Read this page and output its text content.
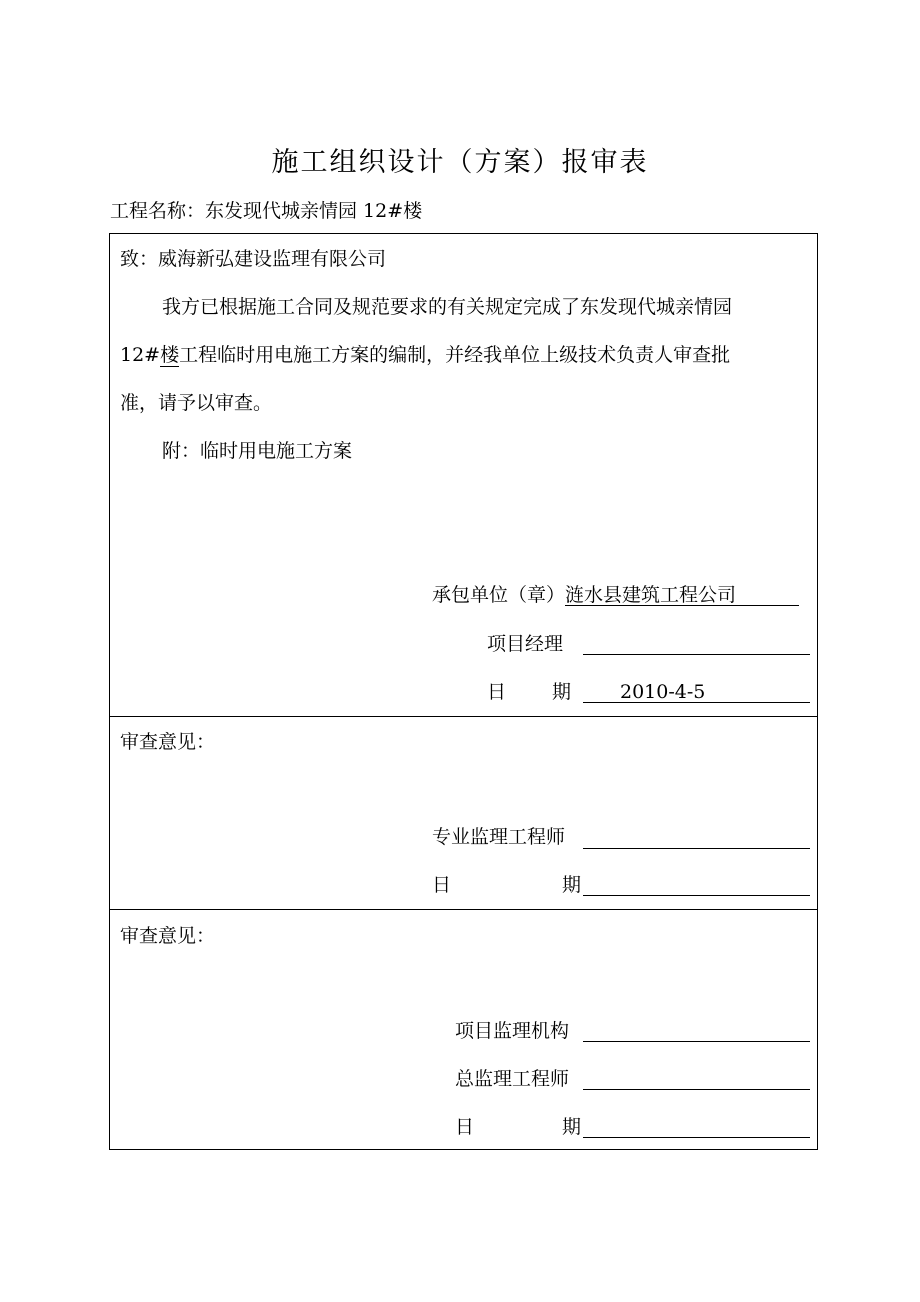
施工组织设计（方案）报审表
工程名称：东发现代城亲情园 12#楼
致：威海新弘建设监理有限公司
我方已根据施工合同及规范要求的有关规定完成了东发现代城亲情园
12#楼工程临时用电施工方案的编制，并经我单位上级技术负责人审查批
准，请予以审查。
附：临时用电施工方案
承包单位（章）涟水县建筑工程公司
项目经理
日 期	2010-4-5
审查意见：
专业监理工程师
日	期
审查意见：
项目监理机构
总监理工程师
日	期
